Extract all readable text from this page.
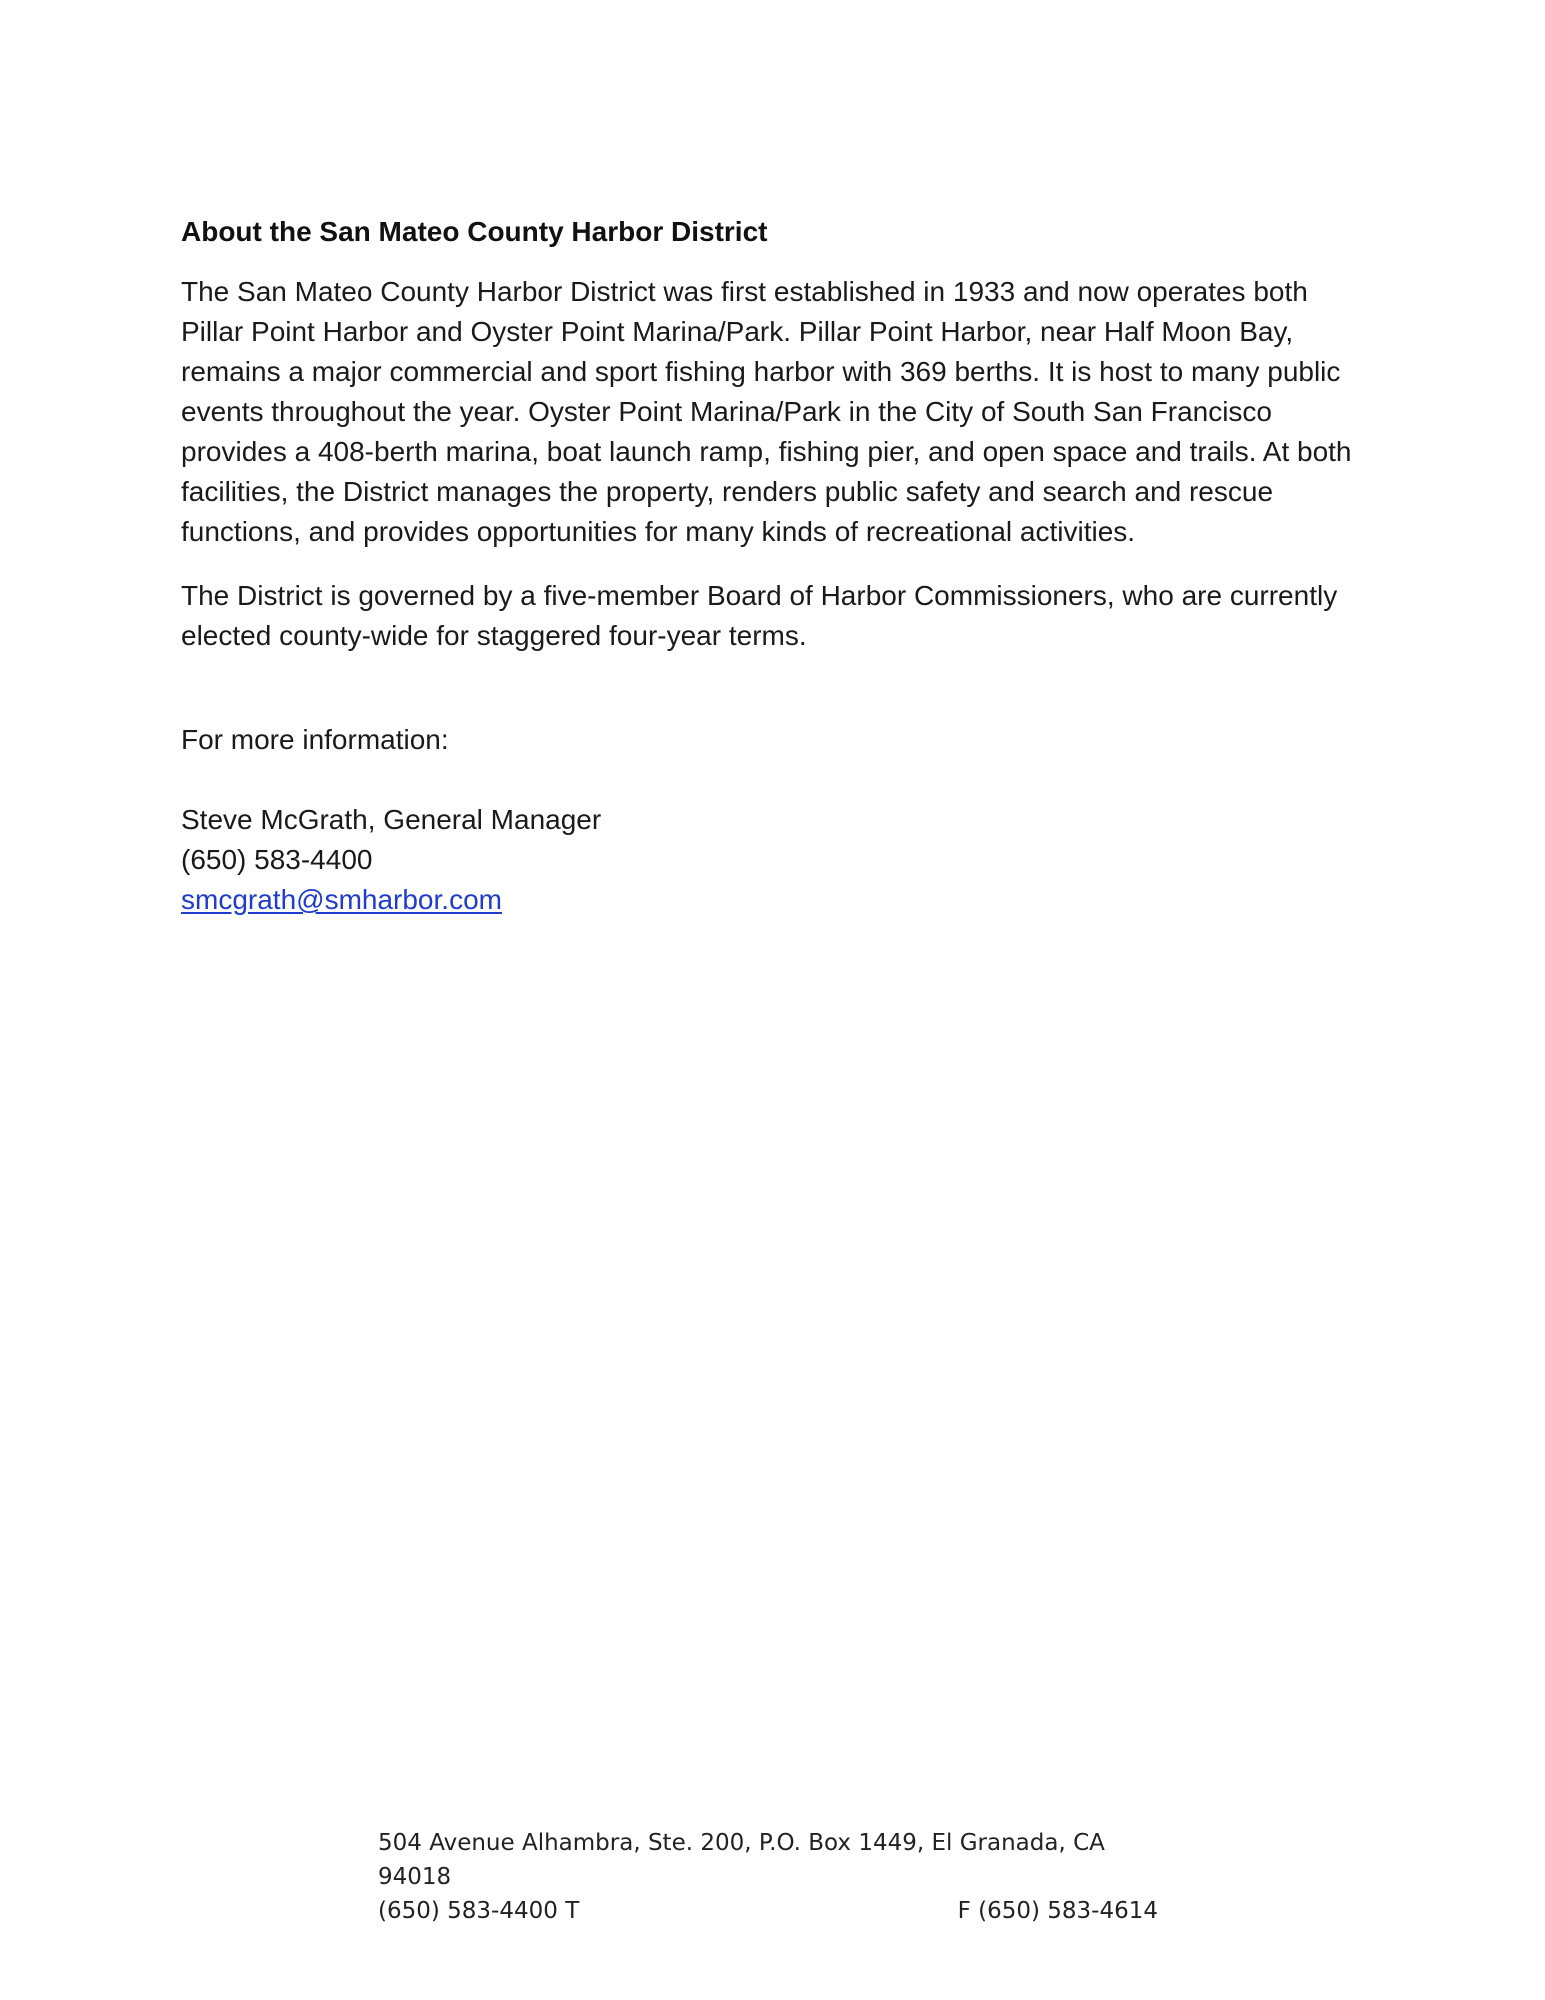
About the San Mateo County Harbor District

The San Mateo County Harbor District was first established in 1933 and now operates both Pillar Point Harbor and Oyster Point Marina/Park. Pillar Point Harbor, near Half Moon Bay, remains a major commercial and sport fishing harbor with 369 berths. It is host to many public events throughout the year. Oyster Point Marina/Park in the City of South San Francisco provides a 408-berth marina, boat launch ramp, fishing pier, and open space and trails. At both facilities, the District manages the property, renders public safety and search and rescue functions, and provides opportunities for many kinds of recreational activities.

The District is governed by a five-member Board of Harbor Commissioners, who are currently elected county-wide for staggered four-year terms.

For more information:

Steve McGrath, General Manager
(650) 583-4400
smcgrath@smharbor.com
504 Avenue Alhambra, Ste. 200, P.O. Box 1449, El Granada, CA 94018
(650) 583-4400 T	F (650) 583-4614
